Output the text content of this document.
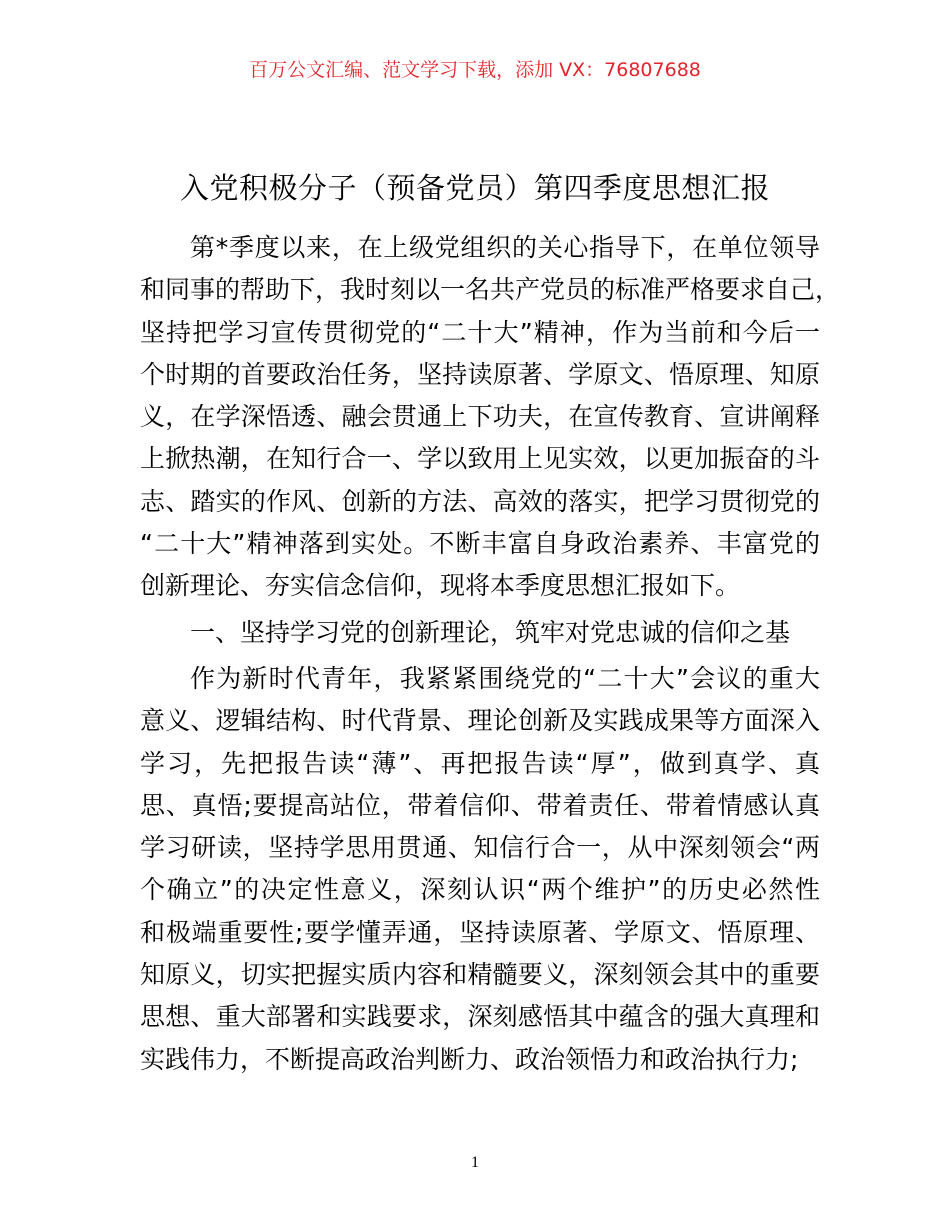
百万公文汇编、范文学习下载，添加 VX：76807688
入党积极分子（预备党员）第四季度思想汇报
第*季度以来，在上级党组织的关心指导下，在单位领导
和同事的帮助下，我时刻以一名共产党员的标准严格要求自己，
坚持把学习宣传贯彻党的“二十大”精神，作为当前和今后一
个时期的首要政治任务，坚持读原著、学原文、悟原理、知原
义，在学深悟透、融会贯通上下功夫，在宣传教育、宣讲阐释
上掀热潮，在知行合一、学以致用上见实效，以更加振奋的斗
志、踏实的作风、创新的方法、高效的落实，把学习贯彻党的
“二十大”精神落到实处。不断丰富自身政治素养、丰富党的
创新理论、夯实信念信仰，现将本季度思想汇报如下。
一、坚持学习党的创新理论，筑牢对党忠诚的信仰之基
作为新时代青年，我紧紧围绕党的“二十大”会议的重大
意义、逻辑结构、时代背景、理论创新及实践成果等方面深入
学习，先把报告读“薄”、再把报告读“厚”，做到真学、真
思、真悟;要提高站位，带着信仰、带着责任、带着情感认真
学习研读，坚持学思用贯通、知信行合一，从中深刻领会“两
个确立”的决定性意义，深刻认识“两个维护”的历史必然性
和极端重要性;要学懂弄通，坚持读原著、学原文、悟原理、
知原义，切实把握实质内容和精髓要义，深刻领会其中的重要
思想、重大部署和实践要求，深刻感悟其中蕴含的强大真理和
实践伟力，不断提高政治判断力、政治领悟力和政治执行力;
1
